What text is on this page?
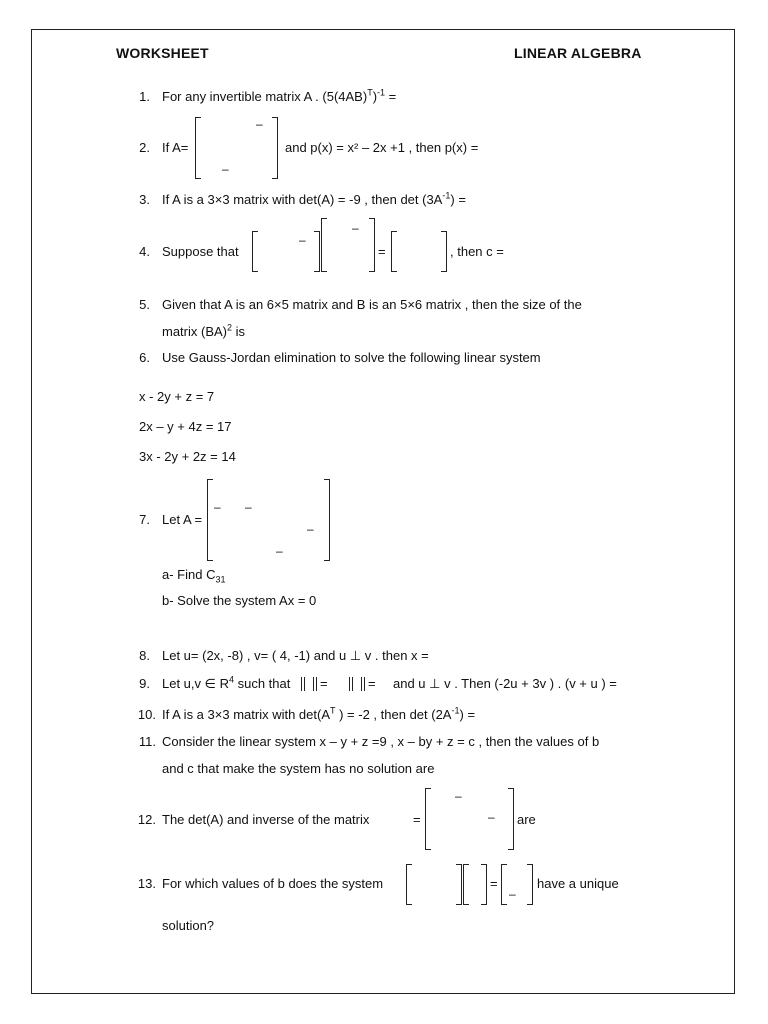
WORKSHEET	LINEAR ALGEBRA
1. For any invertible matrix A . $(5(4AB)^T)^{-1}$ =
2. If A=
–
–
and p(x) = x² – 2x +1 , then p(x) =
3. If A is a 3×3 matrix with det(A) = -9 , then $\det (3A^{-1})$ =
4. Suppose that
–
–
=	, then c =
5. Given that A is an 6×5 matrix and B is an 5×6 matrix , then the size of the
matrix (BA)$^2$ is
6. Use Gauss-Jordan elimination to solve the following linear system
x - 2y + z = 7
2x – y + 4z = 17
3x - 2y + 2z = 14
7. Let A =
– –
–
–
a- Find $C_{31}$
b- Solve the system Ax = 0
8. Let u= (2x, -8) , v= ( 4, -1) and u ⊥ v . then x =
9. Let u,v ∈ $R^4$ such that =	= and u ⊥ v . Then (-2u + 3v ) . (v + u ) =
10. If A is a 3×3 matrix with $\det(A^T$ ) = -2 , then $\det (2A^{-1})$ =
11. Consider the linear system x – y + z =9 , x – by + z = c , then the values of b
and c that make the system has no solution are
12. The det(A) and inverse of the matrix	=
–
– are
13. For which values of b does the system	=
–
have a unique
solution?
